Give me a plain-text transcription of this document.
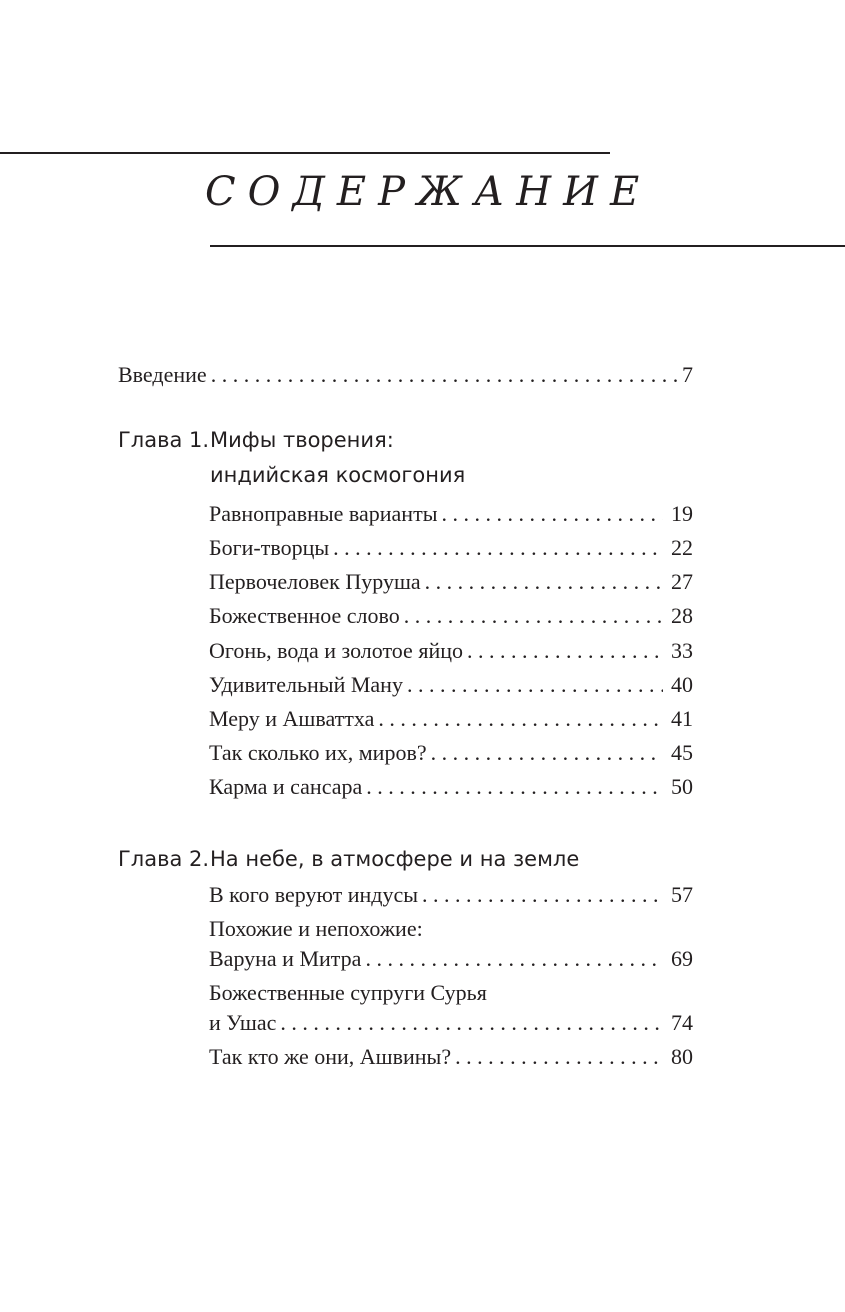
СОДЕРЖАНИЕ
Введение . . .	7
Глава 1.Мифы творения:
индийская космогония
Равноправные варианты . . .	19
Боги-творцы . . .	22
Первочеловек Пуруша . . .	27
Божественное слово . . .	28
Огонь, вода и золотое яйцо . . .	33
Удивительный Ману . . .	40
Меру и Ашваттха . . .	41
Так сколько их, миров? . . .	45
Карма и сансара . . .	50
Глава 2.На небе, в атмосфере и на земле
В кого веруют индусы . . .	57
Похожие и непохожие:
Варуна и Митра . . .	69
Божественные супруги Сурья
и Ушас . . .	74
Так кто же они, Ашвины? . . .	80
